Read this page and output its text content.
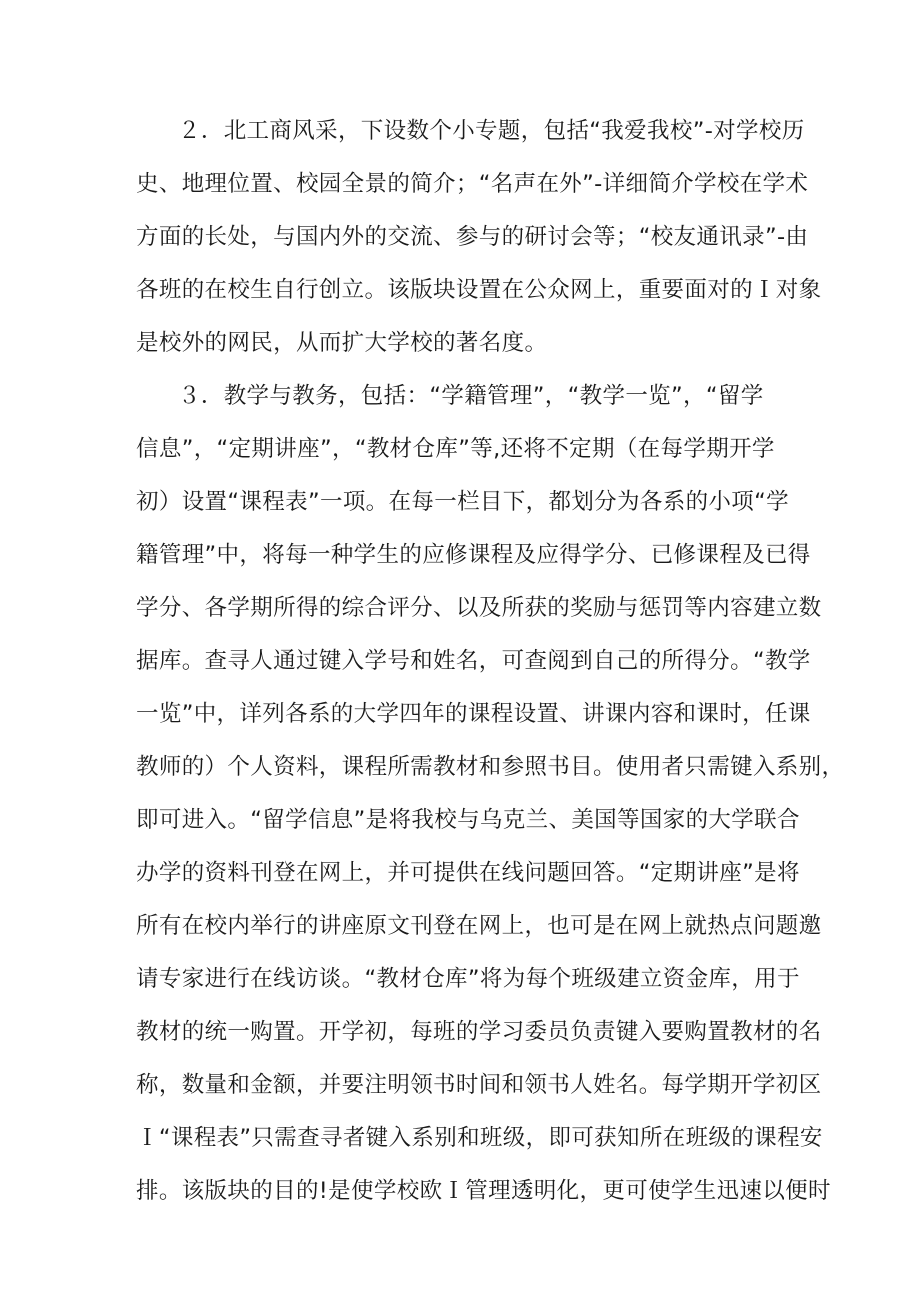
２．北工商风采，下设数个小专题，包括“我爱我校”-对学校历
史、地理位置、校园全景的简介；“名声在外”-详细简介学校在学术
方面的长处，与国内外的交流、参与的研讨会等；“校友通讯录”-由
各班的在校生自行创立。该版块设置在公众网上，重要面对的Ｉ对象
是校外的网民，从而扩大学校的著名度。
３．教学与教务，包括：“学籍管理”，“教学一览”，“留学
信息”，“定期讲座”，“教材仓库”等,还将不定期（在每学期开学
初）设置“课程表”一项。在每一栏目下，都划分为各系的小项“学
籍管理”中，将每一种学生的应修课程及应得学分、已修课程及已得
学分、各学期所得的综合评分、以及所获的奖励与惩罚等内容建立数
据库。查寻人通过键入学号和姓名，可查阅到自己的所得分。“教学
一览”中，详列各系的大学四年的课程设置、讲课内容和课时，任课
教师的）个人资料，课程所需教材和参照书目。使用者只需键入系别，
即可进入。“留学信息”是将我校与乌克兰、美国等国家的大学联合
办学的资料刊登在网上，并可提供在线问题回答。“定期讲座”是将
所有在校内举行的讲座原文刊登在网上，也可是在网上就热点问题邀
请专家进行在线访谈。“教材仓库”将为每个班级建立资金库，用于
教材的统一购置。开学初，每班的学习委员负责键入要购置教材的名
称，数量和金额，并要注明领书时间和领书人姓名。每学期开学初区
Ｉ“课程表”只需查寻者键入系别和班级，即可获知所在班级的课程安
排。该版块的目的!是使学校欧Ｉ管理透明化，更可使学生迅速以便时
